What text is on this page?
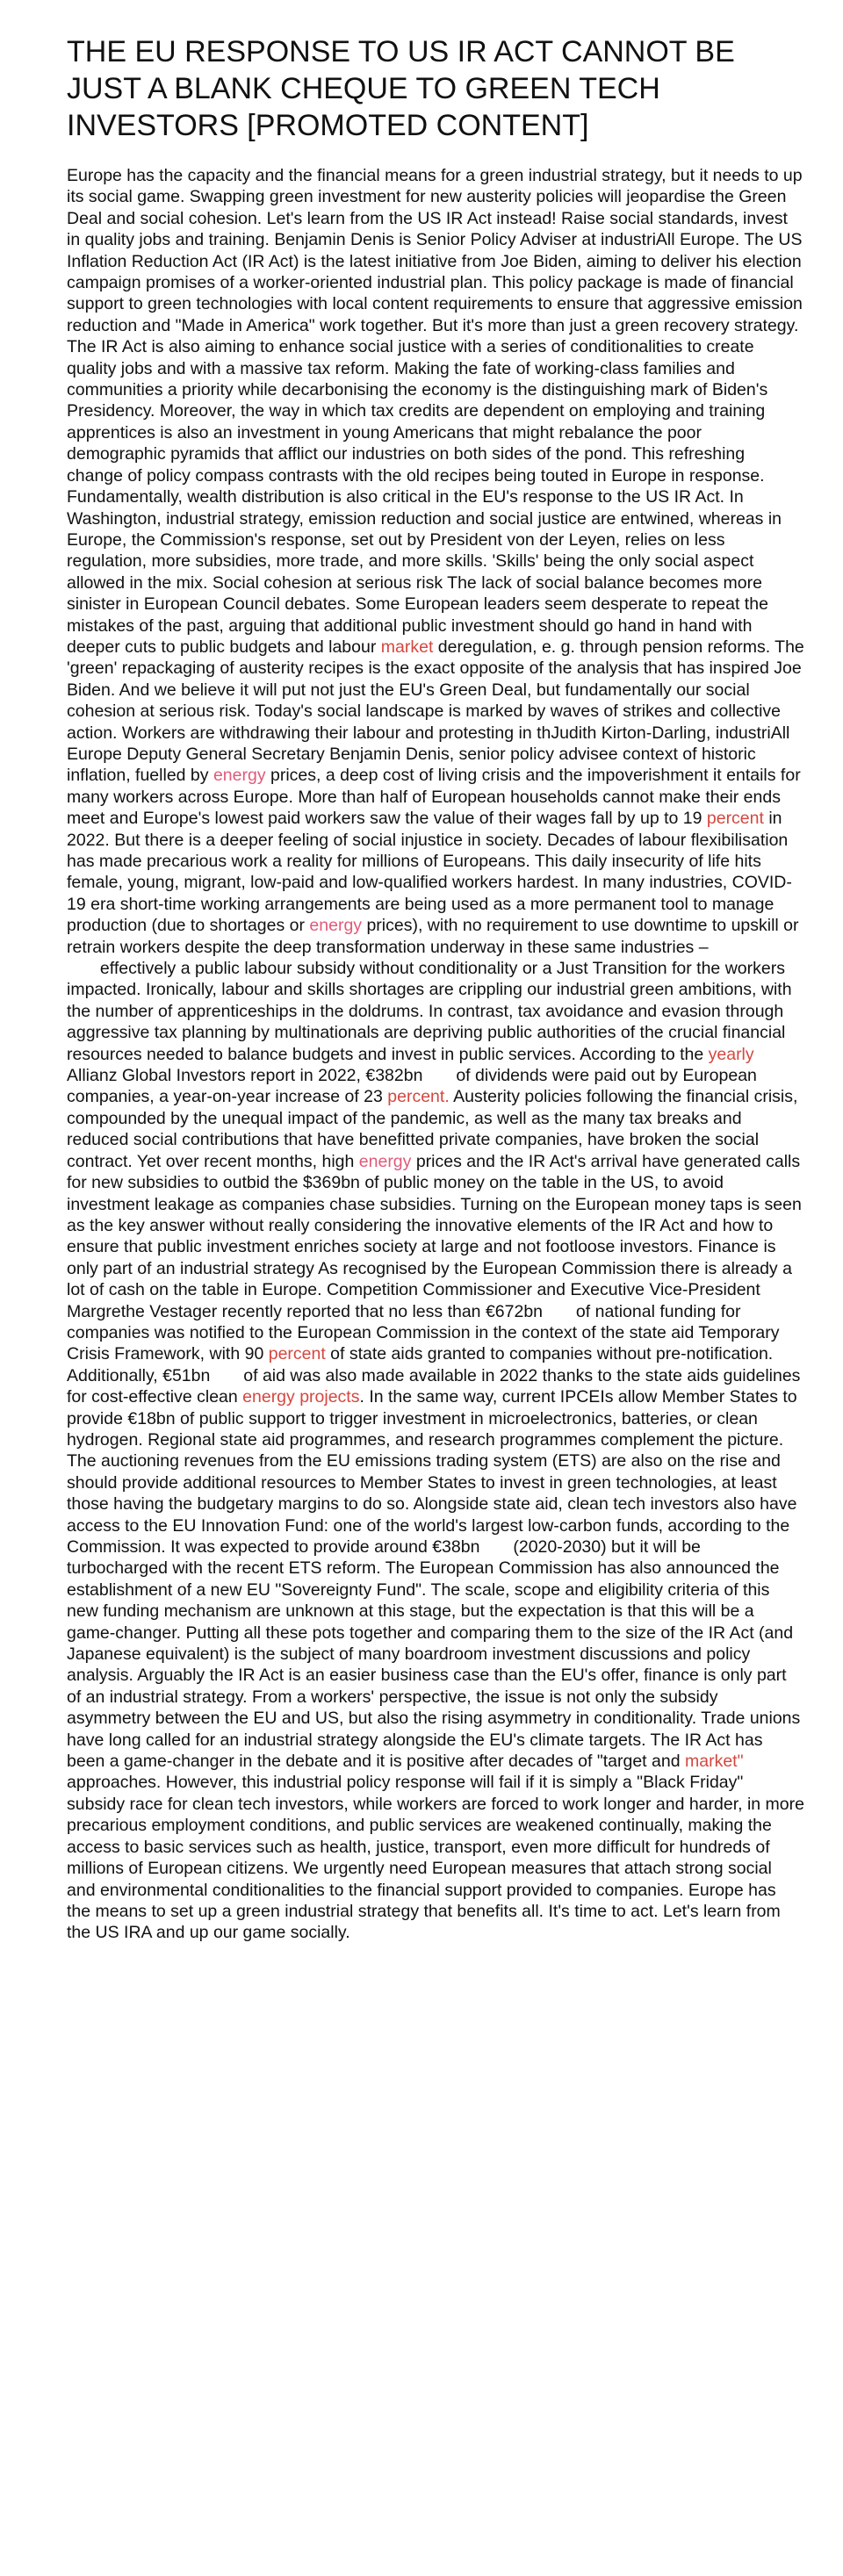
THE EU RESPONSE TO US IR ACT CANNOT BE JUST A BLANK CHEQUE TO GREEN TECH INVESTORS [PROMOTED CONTENT]

Europe has the capacity and the financial means for a green industrial strategy, but it needs to up its social game. Swapping green investment for new austerity policies will jeopardise the Green Deal and social cohesion. Let's learn from the US IR Act instead! Raise social standards, invest in quality jobs and training. Benjamin Denis is Senior Policy Adviser at industriAll Europe. The US Inflation Reduction Act (IR Act) is the latest initiative from Joe Biden, aiming to deliver his election campaign promises of a worker-oriented industrial plan. This policy package is made of financial support to green technologies with local content requirements to ensure that aggressive emission reduction and "Made in America" work together. But it's more than just a green recovery strategy. The IR Act is also aiming to enhance social justice with a series of conditionalities to create quality jobs and with a massive tax reform. Making the fate of working-class families and communities a priority while decarbonising the economy is the distinguishing mark of Biden's Presidency. Moreover, the way in which tax credits are dependent on employing and training apprentices is also an investment in young Americans that might rebalance the poor demographic pyramids that afflict our industries on both sides of the pond. This refreshing change of policy compass contrasts with the old recipes being touted in Europe in response. Fundamentally, wealth distribution is also critical in the EU's response to the US IR Act. In Washington, industrial strategy, emission reduction and social justice are entwined, whereas in Europe, the Commission's response, set out by President von der Leyen, relies on less regulation, more subsidies, more trade, and more skills. 'Skills' being the only social aspect allowed in the mix. Social cohesion at serious risk The lack of social balance becomes more sinister in European Council debates. Some European leaders seem desperate to repeat the mistakes of the past, arguing that additional public investment should go hand in hand with deeper cuts to public budgets and labour market deregulation, e. g. through pension reforms. The 'green' repackaging of austerity recipes is the exact opposite of the analysis that has inspired Joe Biden. And we believe it will put not just the EU's Green Deal, but fundamentally our social cohesion at serious risk. Today's social landscape is marked by waves of strikes and collective action. Workers are withdrawing their labour and protesting in thJudith Kirton-Darling, industriAll Europe Deputy General Secretary Benjamin Denis, senior policy advisee context of historic inflation, fuelled by energy prices, a deep cost of living crisis and the impoverishment it entails for many workers across Europe. More than half of European households cannot make their ends meet and Europe's lowest paid workers saw the value of their wages fall by up to 19 percent in 2022. But there is a deeper feeling of social injustice in society. Decades of labour flexibilisation has made precarious work a reality for millions of Europeans. This daily insecurity of life hits female, young, migrant, low-paid and low-qualified workers hardest. In many industries, COVID-19 era short-time working arrangements are being used as a more permanent tool to manage production (due to shortages or energy prices), with no requirement to use downtime to upskill or retrain workers despite the deep transformation underway in these same industries –       effectively a public labour subsidy without conditionality or a Just Transition for the workers impacted. Ironically, labour and skills shortages are crippling our industrial green ambitions, with the number of apprenticeships in the doldrums. In contrast, tax avoidance and evasion through aggressive tax planning by multinationals are depriving public authorities of the crucial financial resources needed to balance budgets and invest in public services. According to the yearly Allianz Global Investors report in 2022, €382bn       of dividends were paid out by European companies, a year-on-year increase of 23 percent. Austerity policies following the financial crisis, compounded by the unequal impact of the pandemic, as well as the many tax breaks and reduced social contributions that have benefitted private companies, have broken the social contract. Yet over recent months, high energy prices and the IR Act's arrival have generated calls for new subsidies to outbid the $369bn of public money on the table in the US, to avoid investment leakage as companies chase subsidies. Turning on the European money taps is seen as the key answer without really considering the innovative elements of the IR Act and how to ensure that public investment enriches society at large and not footloose investors. Finance is only part of an industrial strategy As recognised by the European Commission there is already a lot of cash on the table in Europe. Competition Commissioner and Executive Vice-President Margrethe Vestager recently reported that no less than €672bn       of national funding for companies was notified to the European Commission in the context of the state aid Temporary Crisis Framework, with 90 percent of state aids granted to companies without pre-notification. Additionally, €51bn       of aid was also made available in 2022 thanks to the state aids guidelines for cost-effective clean energy projects. In the same way, current IPCEIs allow Member States to provide €18bn of public support to trigger investment in microelectronics, batteries, or clean hydrogen. Regional state aid programmes, and research programmes complement the picture. The auctioning revenues from the EU emissions trading system (ETS) are also on the rise and should provide additional resources to Member States to invest in green technologies, at least those having the budgetary margins to do so. Alongside state aid, clean tech investors also have access to the EU Innovation Fund: one of the world's largest low-carbon funds, according to the Commission. It was expected to provide around €38bn       (2020-2030) but it will be turbocharged with the recent ETS reform. The European Commission has also announced the establishment of a new EU "Sovereignty Fund". The scale, scope and eligibility criteria of this new funding mechanism are unknown at this stage, but the expectation is that this will be a game-changer. Putting all these pots together and comparing them to the size of the IR Act (and Japanese equivalent) is the subject of many boardroom investment discussions and policy analysis. Arguably the IR Act is an easier business case than the EU's offer, finance is only part of an industrial strategy. From a workers' perspective, the issue is not only the subsidy asymmetry between the EU and US, but also the rising asymmetry in conditionality. Trade unions have long called for an industrial strategy alongside the EU's climate targets. The IR Act has been a game-changer in the debate and it is positive after decades of "target and market" approaches. However, this industrial policy response will fail if it is simply a "Black Friday" subsidy race for clean tech investors, while workers are forced to work longer and harder, in more precarious employment conditions, and public services are weakened continually, making the access to basic services such as health, justice, transport, even more difficult for hundreds of millions of European citizens. We urgently need European measures that attach strong social and environmental conditionalities to the financial support provided to companies. Europe has the means to set up a green industrial strategy that benefits all. It's time to act. Let's learn from the US IRA and up our game socially.
